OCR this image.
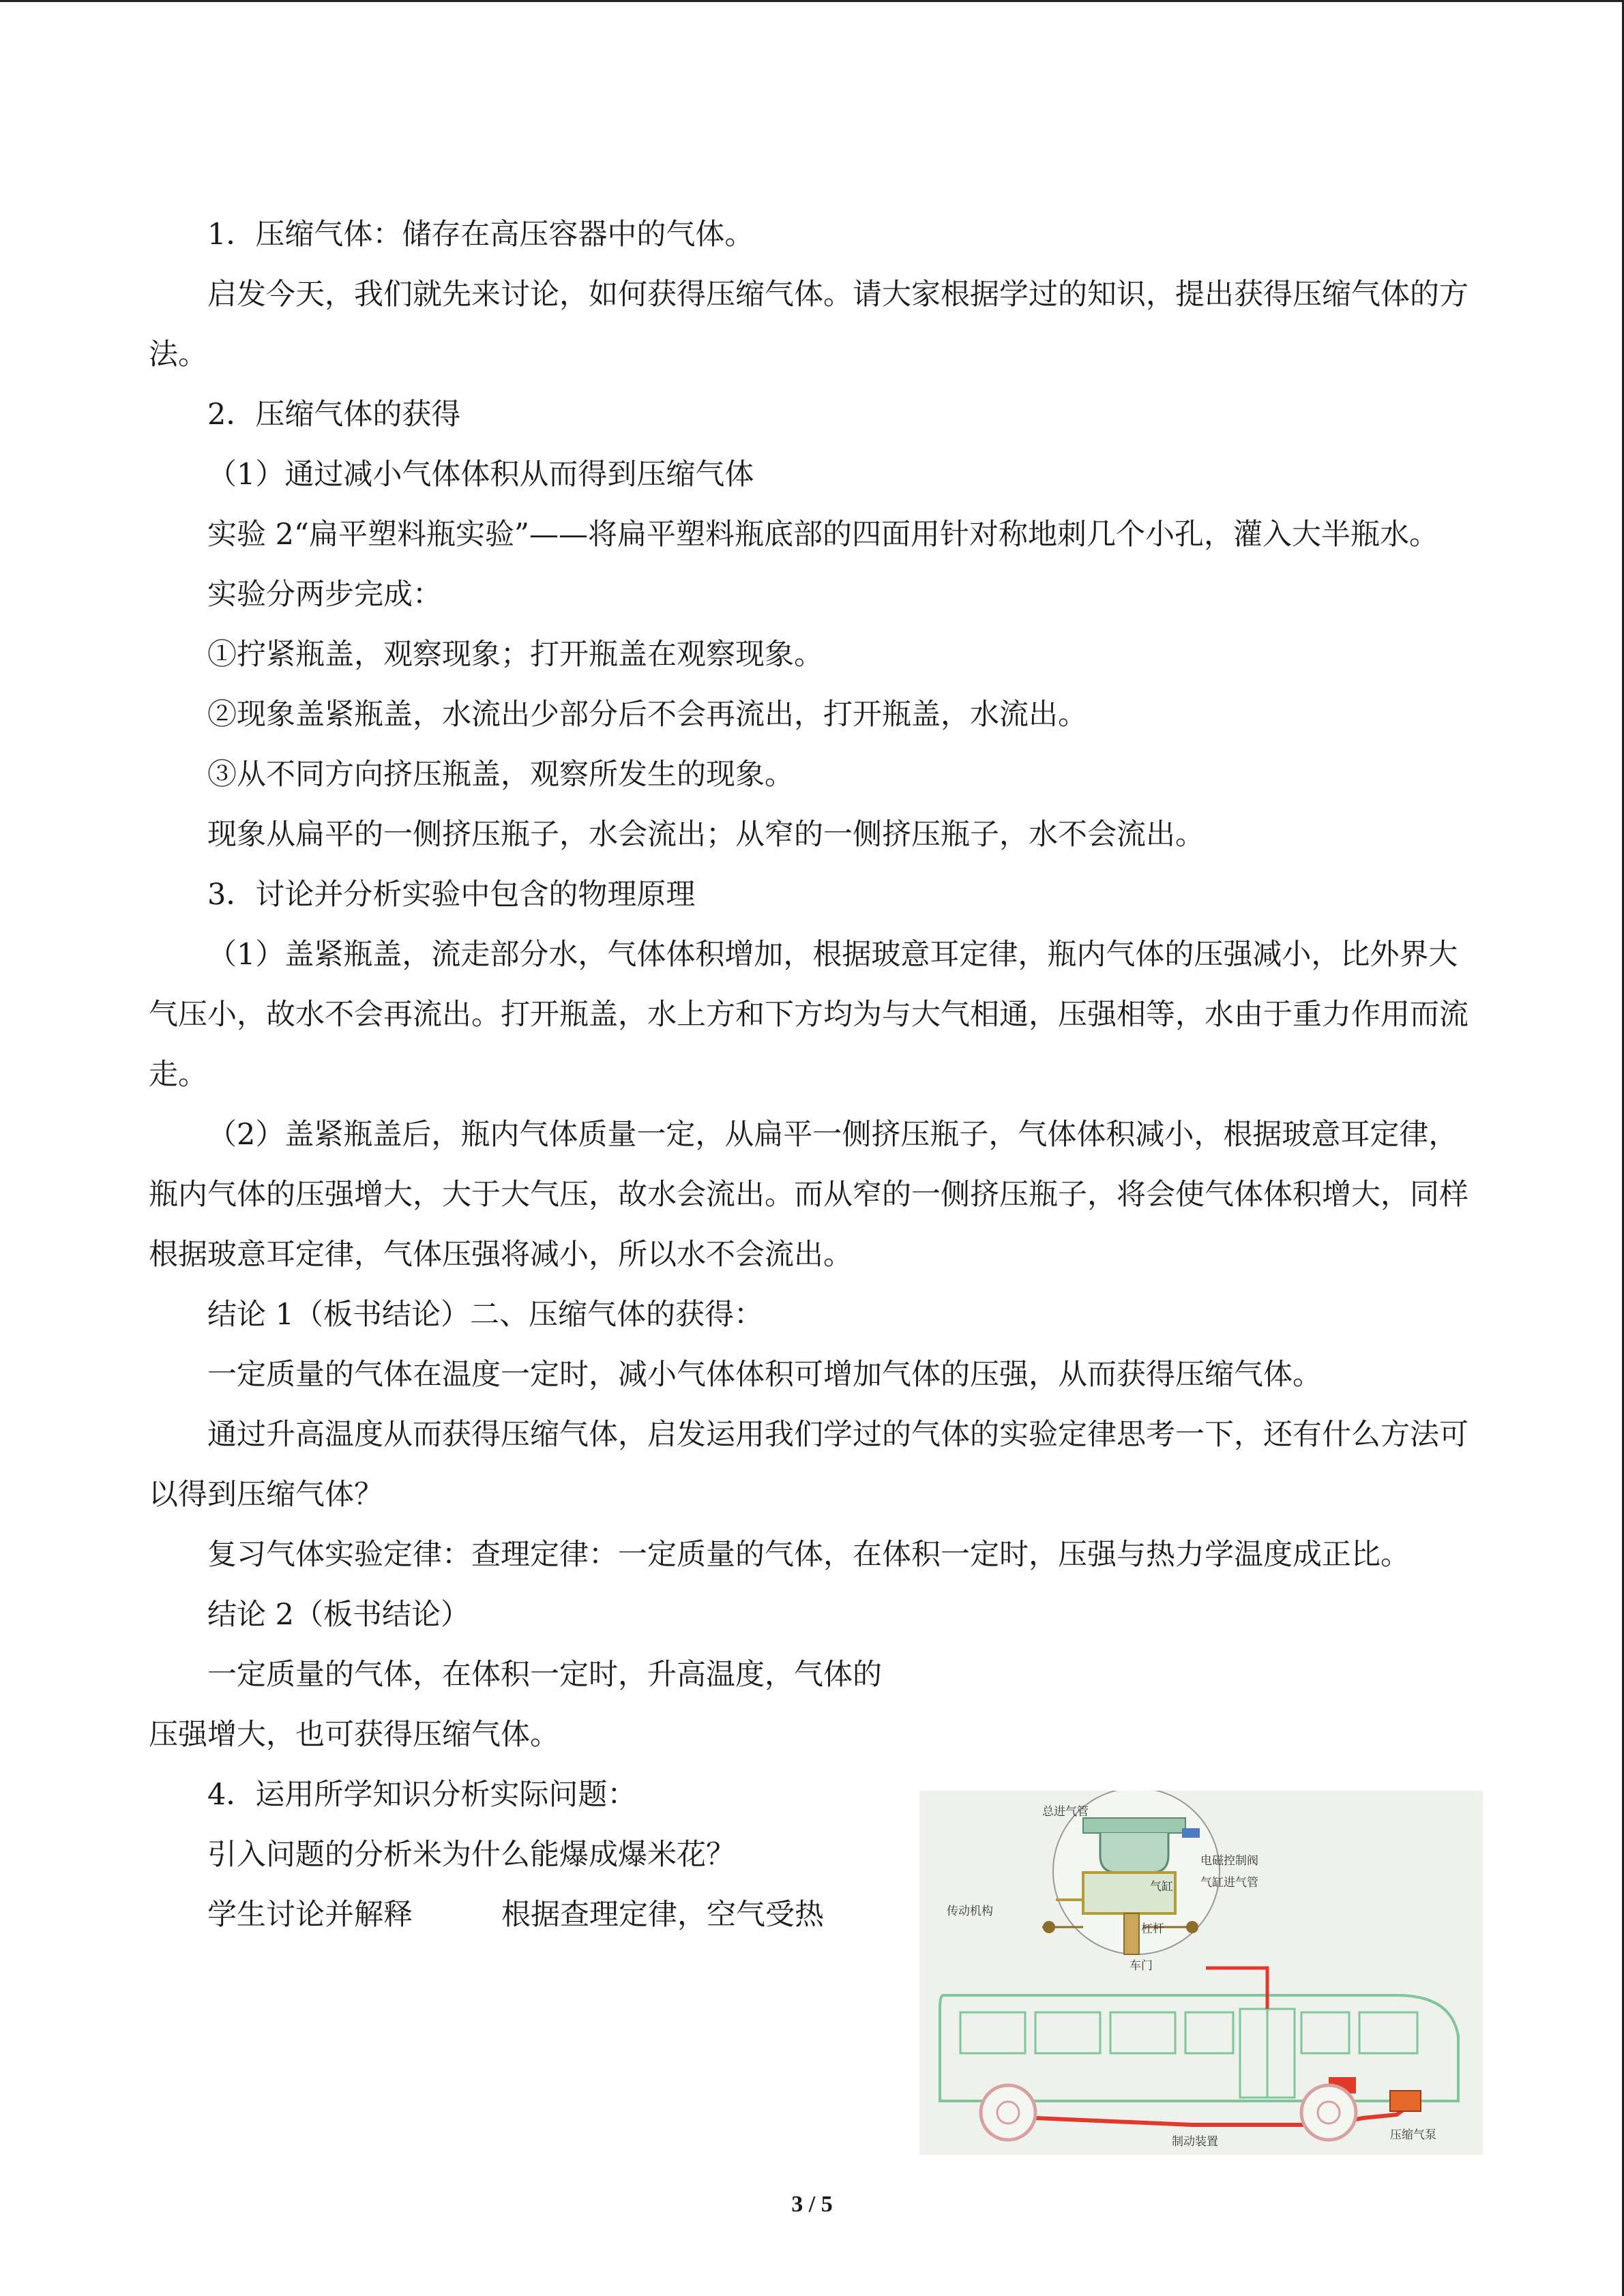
1．压缩气体：储存在高压容器中的气体。

启发今天，我们就先来讨论，如何获得压缩气体。请大家根据学过的知识，提出获得压缩气体的方法。

2．压缩气体的获得

（1）通过减小气体体积从而得到压缩气体

实验 2“扁平塑料瓶实验”——将扁平塑料瓶底部的四面用针对称地刺几个小孔，灌入大半瓶水。

实验分两步完成：

①拧紧瓶盖，观察现象；打开瓶盖在观察现象。

②现象盖紧瓶盖，水流出少部分后不会再流出，打开瓶盖，水流出。

③从不同方向挤压瓶盖，观察所发生的现象。

现象从扁平的一侧挤压瓶子，水会流出；从窄的一侧挤压瓶子，水不会流出。

3．讨论并分析实验中包含的物理原理

（1）盖紧瓶盖，流走部分水，气体体积增加，根据玻意耳定律，瓶内气体的压强减小，比外界大气压小，故水不会再流出。打开瓶盖，水上方和下方均为与大气相通，压强相等，水由于重力作用而流走。

（2）盖紧瓶盖后，瓶内气体质量一定，从扁平一侧挤压瓶子，气体体积减小，根据玻意耳定律，瓶内气体的压强增大，大于大气压，故水会流出。而从窄的一侧挤压瓶子，将会使气体体积增大，同样根据玻意耳定律，气体压强将减小，所以水不会流出。

结论 1（板书结论）二、压缩气体的获得：

一定质量的气体在温度一定时，减小气体体积可增加气体的压强，从而获得压缩气体。

通过升高温度从而获得压缩气体，启发运用我们学过的气体的实验定律思考一下，还有什么方法可以得到压缩气体？

复习气体实验定律：查理定律：一定质量的气体，在体积一定时，压强与热力学温度成正比。

结论 2（板书结论）

一定质量的气体，在体积一定时，升高温度，气体的压强增大，也可获得压缩气体。

4．运用所学知识分析实际问题：

引入问题的分析米为什么能爆成爆米花？

学生讨论并解释	根据查理定律，空气受热

总进气管
电磁控制阀
气缸 气缸进气管
传动机构
杠杆
车门
制动装置	压缩气泵
3 / 5
